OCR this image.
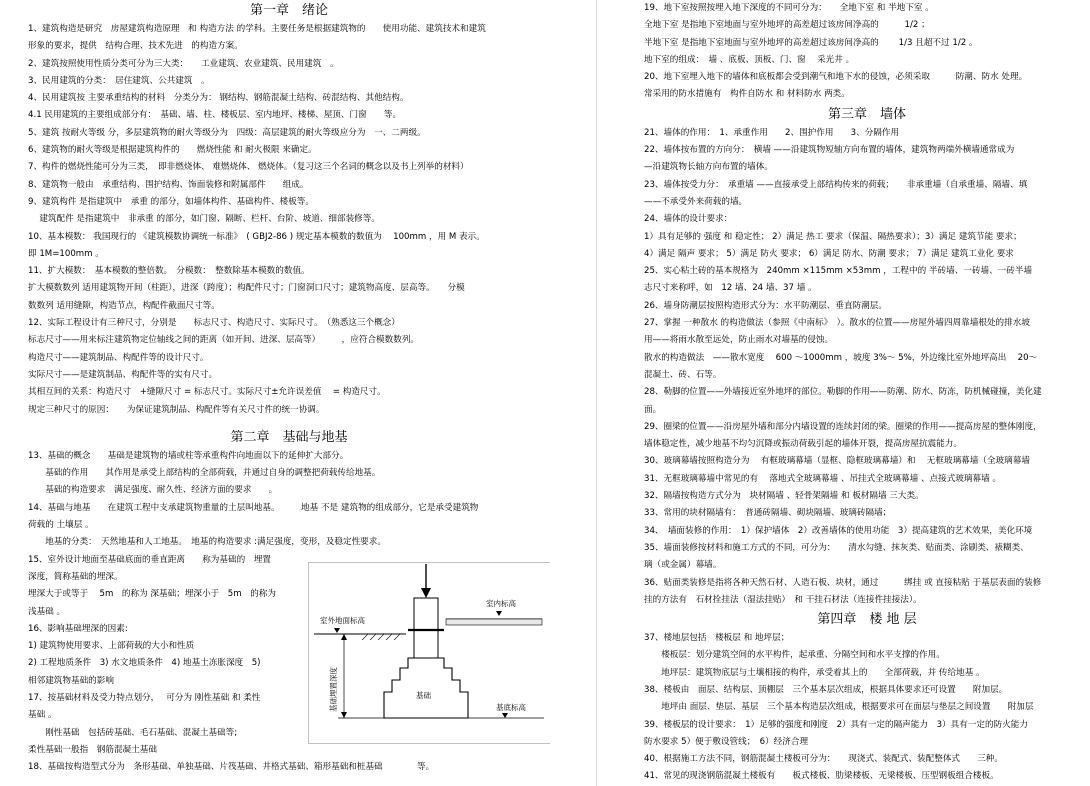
第一章　绪论
1、建筑构造是研究　房屋建筑构造原理　和 构造方法 的学科。主要任务是根据建筑物的　　使用功能、建筑技术和建筑
形象的要求，提供　结构合理、技术先进　的构造方案。
2、建筑按照使用性质分类可分为三大类：　　工业建筑、农业建筑、民用建筑　。
3、民用建筑的分类：　居住建筑、公共建筑　。
4、民用建筑按 主要承重结构的材料　分类分为： 钢结构、钢筋混凝土结构、砖混结构、其他结构。
4.1 民用建筑的主要组成部分有：　基础、墙、柱、楼板层、室内地坪、楼梯、屋顶、门窗　　等。
5、建筑 按耐火等级 分，多层建筑物的耐火等级分为　四级：高层建筑的耐火等级应分为　一、二两级。
6、建筑物的耐火等级是根据建筑构件的　　燃烧性能 和 耐火极限 来确定。
7、构件的燃烧性能可分为三类，　即非燃烧体、 难燃烧体、 燃烧体。（复习这三个名词的概念以及书上列举的材料）
8、建筑物一般由　承重结构、围护结构、饰面装修和附属部件　　组成。
9、建筑构件 是指建筑中　承重 的部分，如墙体构件、基础构件、楼板等。
　 建筑配件 是指建筑中　非承重 的部分，如门窗、隔断、栏杆、台阶、坡道、细部装修等。
10、基本模数： 我国现行的 《建筑模数协调统一标准》　( GBJ2-86 ) 规定基本模数的数值为　 100mm ，用 M 表示。
即 1M=100mm 。
11、扩大模数：　基本模数的整倍数。　分模数：　整数除基本模数的数值。
扩大模数数列 适用建筑物开间（柱距），进深（跨度）；构配件尺寸；门窗洞口尺寸；建筑物高度、层高等。　　分模
数数列 适用缝隙，构造节点，构配件截面尺寸等。
12、实际工程设计有三种尺寸，分别是　　标志尺寸、构造尺寸、实际尺寸。　（熟悉这三个概念）
标志尺寸——用来标注建筑物定位轴线之间的距离（如开间、进深、层高等）　　　，应符合模数数列。
构造尺寸——建筑制品、构配件等的设计尺寸。
实际尺寸——是建筑制品、构配件等的实有尺寸。
其相互间的关系：构造尺寸　+缝隙尺寸 = 标志尺寸。实际尺寸±允许误差值　 = 构造尺寸。
规定三种尺寸的原因：　　为保证建筑制品、构配件等有关尺寸件的统一协调。
第二章　基础与地基
13、基础的概念　　基础是建筑物的墙或柱等承重构件向地面以下的延伸扩大部分。
　　基础的作用　　其作用是承受上部结构的全部荷载，并通过自身的调整把荷载传给地基。
　　基础的构造要求　满足强度、耐久性、经济方面的要求　　。
14、基础与地基　　在建筑工程中支承建筑物重量的土层叫地基。　　　地基 不是 建筑物的组成部分，它是承受建筑物
荷载的 土壤层 。
　　地基的分类：　天然地基和人工地基。　地基的构造要求 :满足强度，变形，及稳定性要求。
15、室外设计地面至基础底面的垂直距离　　称为基础的　埋置
深度，简称基础的埋深。
埋深大于或等于　 5m　的称为 深基础；埋深小于　5m　的称为
浅基础 。
16、影响基础埋深的因素:
1) 建筑物使用要求、上部荷载的大小和性质
2) 工程地质条件　3) 水文地质条件　4) 地基土冻胀深度　5)
相邻建筑物基础的影响
17、按基础材料及受力特点划分，　 可分为 刚性基础 和 柔性
基础 。
　　刚性基础　包括砖基础、毛石基础、混凝土基础等;
柔性基础一般指　钢筋混凝土基础
18、基础按构造型式分为　条形基础、单独基础、片筏基础、井格式基础、箱形基础和桩基础　　　　等。
室外地面标高
室内标高
基础
基底标高
基础埋置深度
19、地下室按照按埋入地下深度的不同可分为：　　全地下室 和 半地下室 。
全地下室 是指地下室地面与室外地坪的高差超过该房间净高的　　　1/2 ；
半地下室 是指地下室地面与室外地坪的高差超过该房间净高的　　 1/3 且超不过 1/2 。
地下室的组成：　墙 、底板、顶板、门、窗　 采光井 。
20、地下室埋入地下的墙体和底板都会受到潮气和地下水的侵蚀，必须采取　　　防潮、防水 处理。
常采用的防水措施有　构件自防水 和 材料防水 两类。
第三章　墙体
21、墙体的作用：　1、承重作用　　2、围护作用　　3、分隔作用
22、墙体按布置的方向分：　横墙 ——沿建筑物短轴方向布置的墙体，建筑物两端外横墙通常成为
—沿建筑物长轴方向布置的墙体。
23、墙体按受力分：　承重墙 ——直接承受上部结构传来的荷载；　　非承重墙（自承重墙、隔墙、填
——不承受外来荷载的墙。
24、墙体的设计要求：
1）具有足够的 强度 和 稳定性； 2）满足 热工 要求（保温、隔热要求）；3）满足 建筑节能 要求；
4）满足 隔声 要求； 5）满足 防火 要求； 6）满足 防水、防潮 要求； 7）满足 建筑工业化 要求
25、实心粘土砖的基本规格为　240mm ×115mm ×53mm ，工程中的 半砖墙、一砖墙、一砖半墙
志尺寸来称呼，如　12 墙、24 墙、37 墙 。
26、墙身防潮层按照构造形式分为：水平防潮层、垂直防潮层。
27、掌握 一种散水 的构造做法（参照《中南标》　）。散水的位置——房屋外墙四周靠墙根处的排水坡
用——将雨水散至远处，防止雨水对墙基的侵蚀。
散水的构造做法　——散水宽度　 600 ～1000mm ，坡度 3%～ 5%，外边缘比室外地坪高出　 20～
混凝土、砖、石等。
28、勒脚的位置——外墙接近室外地坪的部位。勒脚的作用——防潮、防水、防冻，防机械碰撞，美化建
面。
29、圈梁的位置——沿房屋外墙和部分内墙设置的连续封闭的梁。圈梁的作用——提高房屋的整体刚度，
墙体稳定性，减少地基不均匀沉降或振动荷载引起的墙体开裂，提高房屋抗震能力。
30、玻璃幕墙按照构造分为　 有框玻璃幕墙（显框、隐框玻璃幕墙）和　 无框玻璃幕墙（全玻璃幕墙
31、无框玻璃幕墙中常见的有　 落地式全玻璃幕墙 、吊挂式全玻璃幕墙 、点接式玻璃幕墙 。
32、隔墙按构造方式分为　块材隔墙 、轻骨架隔墙 和 板材隔墙 三大类。
33、常用的块材隔墙有：　普通砖隔墙、砌块隔墙、玻璃砖隔墙；
34、　墙面装修的作用：　1）保护墙体　2）改善墙体的使用功能　3）提高建筑的艺术效果，美化环境
35、墙面装修按材料和施工方式的不同，可分为：　　清水勾缝、抹灰类、贴面类、涂刷类、裱糊类、
璃（或金属）幕墙。
36、贴面类装修是指将各种天然石材、人造石板、块材，通过　　　绑挂 或 直接粘贴 于基层表面的装修
挂的方法有　石材拴挂法（湿法挂贴）　和 干挂石材法（连接件挂接法）。
第四章　楼 地 层
37、楼地层包括　楼板层 和 地坪层；
　　楼板层：划分建筑空间的水平构件，起承重、分隔空间和水平支撑的作用。
　　地坪层：建筑物底层与土壤相接的构件，承受着其上的　　全部荷载，并 传给地基 。
38、楼板由　面层、结构层、顶棚层　三个基本层次组成，根据具体要求还可设置　　附加层。
　　地坪由 面层、垫层、基层　三个基本构造层次组成，根据要求可在面层与垫层之间设置　　附加层
39、楼板层的设计要求：　1）足够的强度和刚度　2）具有一定的隔声能力　3）具有一定的防火能力
防水要求 5）便于敷设管线；　6）经济合理
40、根据施工方法不同，钢筋混凝土楼板可分为：　　现浇式、装配式、装配整体式　　三种。
41、常见的现浇钢筋混凝土楼板有　　板式楼板、肋梁楼板、无梁楼板、压型钢板组合楼板。
